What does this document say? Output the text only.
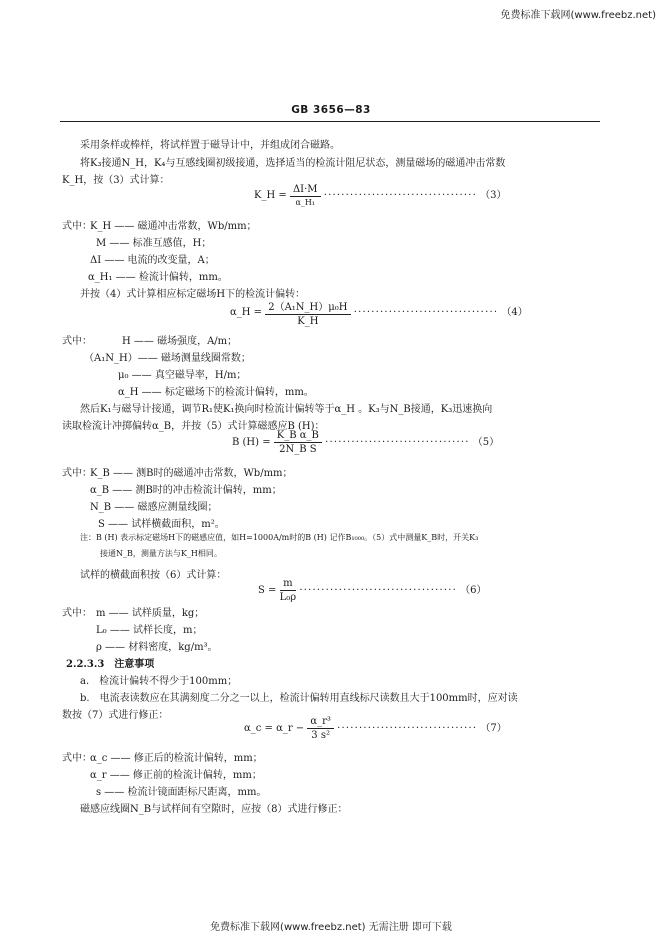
免费标准下载网(www.freebz.net)
免费标准下载网(www.freebz.net) 无需注册 即可下载
GB 3656—83
采用条样或棒样，将试样置于磁导计中，并组成闭合磁路。
将K₃接通N_H，K₄与互感线圈初级接通，选择适当的检流计阻尼状态，测量磁场的磁通冲击常数
K_H，按（3）式计算：
K_H = $\frac{\Delta I\cdot M}{\text{α\_H₁}}$ ··································· （3）
式中：
K_H —— 磁通冲击常数，Wb/mm；
M —— 标准互感值，H；
ΔI —— 电流的改变量，A；
α_H₁ —— 检流计偏转，mm。
并按（4）式计算相应标定磁场H下的检流计偏转：
α_H = $\frac{\text{2（A₁N\_H）μ₀H}}{K\_H}$ ································· （4）
式中：	H —— 磁场强度，A/m；
（A₁N_H）—— 磁场测量线圈常数；
μ₀ —— 真空磁导率，H/m；
α_H —— 标定磁场下的检流计偏转，mm。
然后K₁与磁导计接通，调节R₁使K₁换向时检流计偏转等于α_H 。K₃与N_B接通，K₃迅速换向
读取检流计冲掷偏转α_B，并按（5）式计算磁感应B (H)：
B $(H) = \frac{\text{K\_B α\_B}}{\text{2N\_B S}}$ ································· （5）
式中：
K_B —— 测B时的磁通冲击常数，Wb/mm；
α_B —— 测B时的冲击检流计偏转，mm；
N_B —— 磁感应测量线圈；
S —— 试样横截面积，m²。
注：B (H) 表示标定磁场H下的磁感应值，如H=1000A/m时的B (H) 记作B₁₀₀₀。（5）式中测量K_B时，开关K₃
接通N_B，测量方法与K_H相同。
试样的横截面积按（6）式计算：
$S = \frac{m}{\text{L₀ρ}}$ ···································· （6）
式中： m —— 试样质量，kg；
L₀ —— 试样长度，m；
ρ —— 材料密度，kg/m³。
2.2.3.3　注意事项
a.　检流计偏转不得少于100mm；
b.　电流表读数应在其满刻度二分之一以上，检流计偏转用直线标尺读数且大于100mm时，应对读
数按（7）式进行修正：
α_c = α_r − $\frac{\text{α\_r³}}{\text{3 s²}}$ ································ （7）
式中：
α_c —— 修正后的检流计偏转，mm；
α_r —— 修正前的检流计偏转，mm；
s —— 检流计镜面距标尺距离，mm。
磁感应线圈N_B与试样间有空隙时，应按（8）式进行修正：
